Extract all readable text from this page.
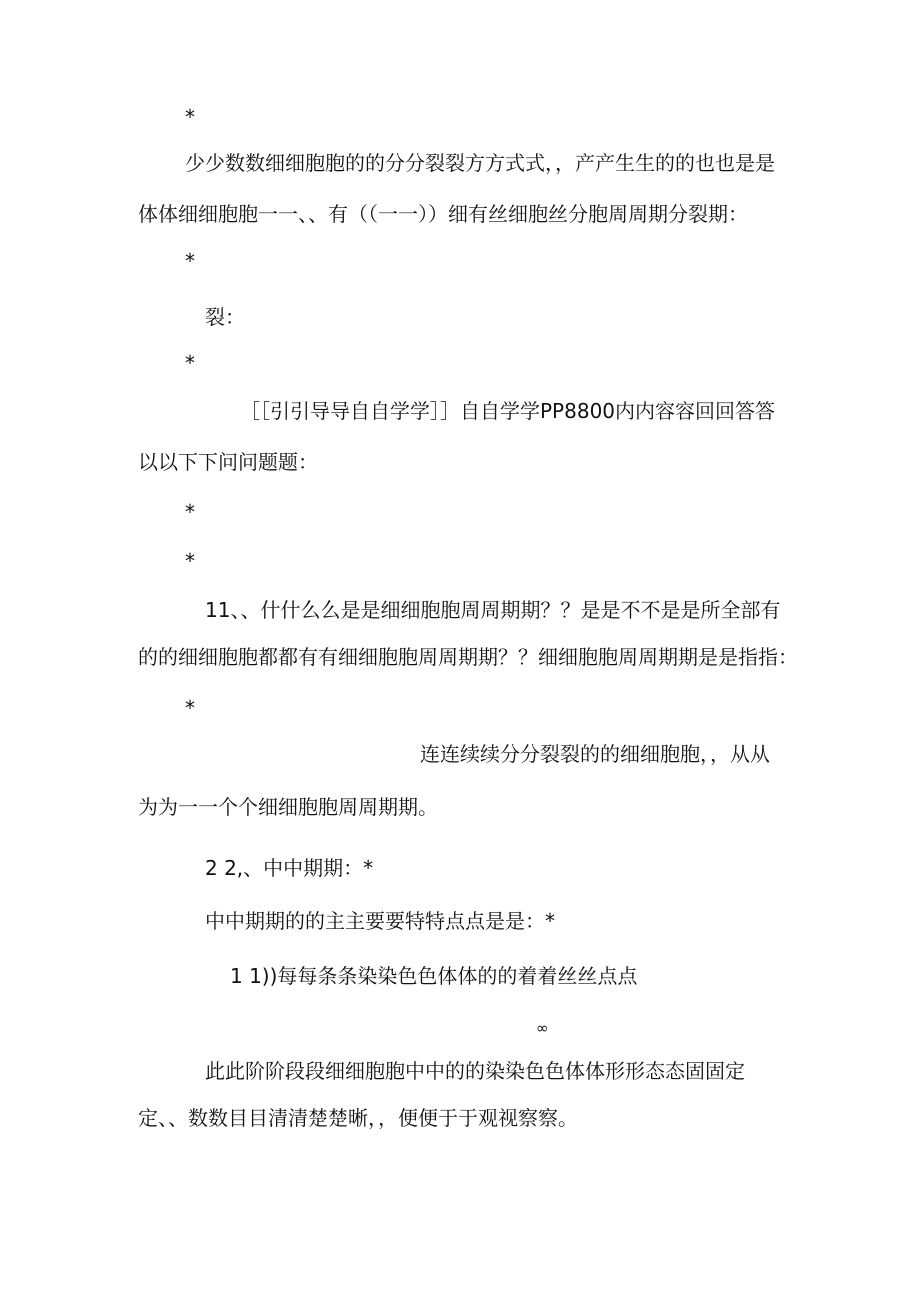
*
少少数数细细胞胞的的分分裂裂方方式式，，产产生生的的也也是是
体体细细胞胞一一、、有（（一一））细有丝细胞丝分胞周周期分裂期：
*
裂：
*
［［引引导导自自学学］］自自学学PP8800内内容容回回答答
以以下下问问题题：
*
*
11、、什什么么是是细细胞胞周周期期？？是是不不是是所全部有
的的细细胞胞都都有有细细胞胞周周期期？？细细胞胞周周期期是是指指：
*
连连续续分分裂裂的的细细胞胞，，从从
为为一一个个细细胞胞周周期期。
2 2,、中中期期：*
中中期期的的主主要要特特点点是是：*
1 1))每每条条染染色色体体的的着着丝丝点点
∞
此此阶阶段段细细胞胞中中的的染染色色体体形形态态固固定
定、、数数目目清清楚楚晰，，便便于于观视察察。
